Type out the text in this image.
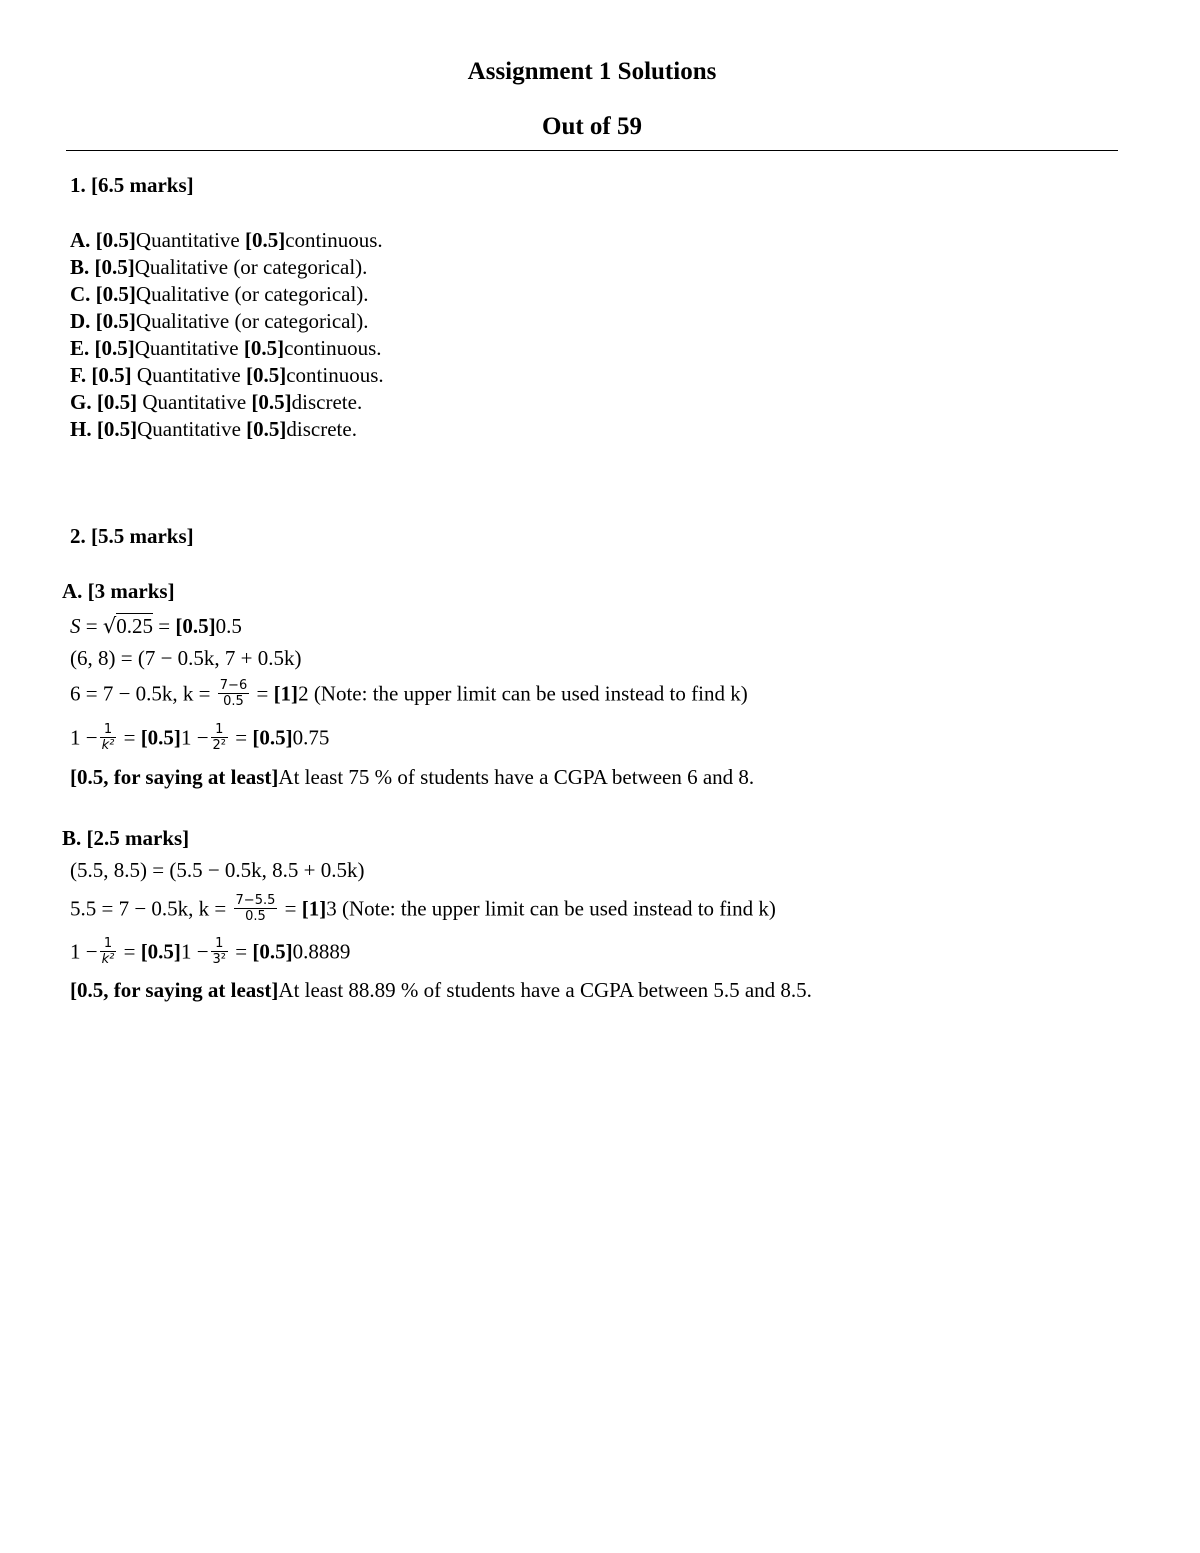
Assignment 1 Solutions
Out of 59
1. [6.5 marks]
A. [0.5]Quantitative [0.5]continuous.
B. [0.5]Qualitative (or categorical).
C. [0.5]Qualitative (or categorical).
D. [0.5]Qualitative (or categorical).
E. [0.5]Quantitative [0.5]continuous.
F. [0.5] Quantitative [0.5]continuous.
G. [0.5] Quantitative [0.5]discrete.
H. [0.5]Quantitative [0.5]discrete.
2. [5.5 marks]
A. [3 marks]
S = √0.25 = [0.5]0.5
(6, 8) = (7 − 0.5k, 7 + 0.5k)
6 = 7 − 0.5k, $k = \frac{7-6}{0.5} = [1]2$ (Note: the upper limit can be used instead to find k)
$1 - \frac{1}{\text{k²}} = [0.5]1 - \frac{1}{\text{2²}} = [0.5]0.75$
[0.5, for saying at least]At least 75 % of students have a CGPA between 6 and 8.
B. [2.5 marks]
(5.5, 8.5) = (5.5 − 0.5k, 8.5 + 0.5k)
5.5 = 7 − 0.5k, $k = \frac{7-5.5}{0.5} = [1]3$ (Note: the upper limit can be used instead to find k)
$1 - \frac{1}{\text{k²}} = [0.5]1 - \frac{1}{\text{3²}} = [0.5]0.8889$
[0.5, for saying at least]At least 88.89 % of students have a CGPA between 5.5 and 8.5.
